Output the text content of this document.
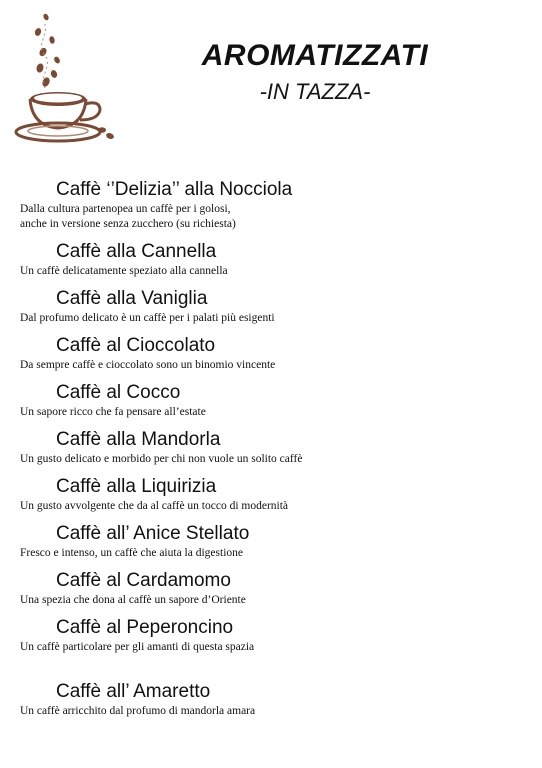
AROMATIZZATI
-IN TAZZA-
Caffè ‘’Delizia’’ alla Nocciola
Dalla cultura partenopea un caffè per i golosi,
anche in versione senza zucchero (su richiesta)
Caffè alla Cannella
Un caffè delicatamente speziato alla cannella
Caffè alla Vaniglia
Dal profumo delicato è un caffè per i palati più esigenti
Caffè al Cioccolato
Da sempre caffè e cioccolato sono un binomio vincente
Caffè al Cocco
Un sapore ricco che fa pensare all’estate
Caffè alla Mandorla
Un gusto delicato e morbido per chi non vuole un solito caffè
Caffè alla Liquirizia
Un gusto avvolgente che da al caffè un tocco di modernità
Caffè all’ Anice Stellato
Fresco e intenso, un caffè che aiuta la digestione
Caffè al Cardamomo
Una spezia che dona al caffè un sapore d’Oriente
Caffè al Peperoncino
Un caffè particolare per gli amanti di questa spazia
Caffè all’ Amaretto
Un caffè arricchito dal profumo di mandorla amara
